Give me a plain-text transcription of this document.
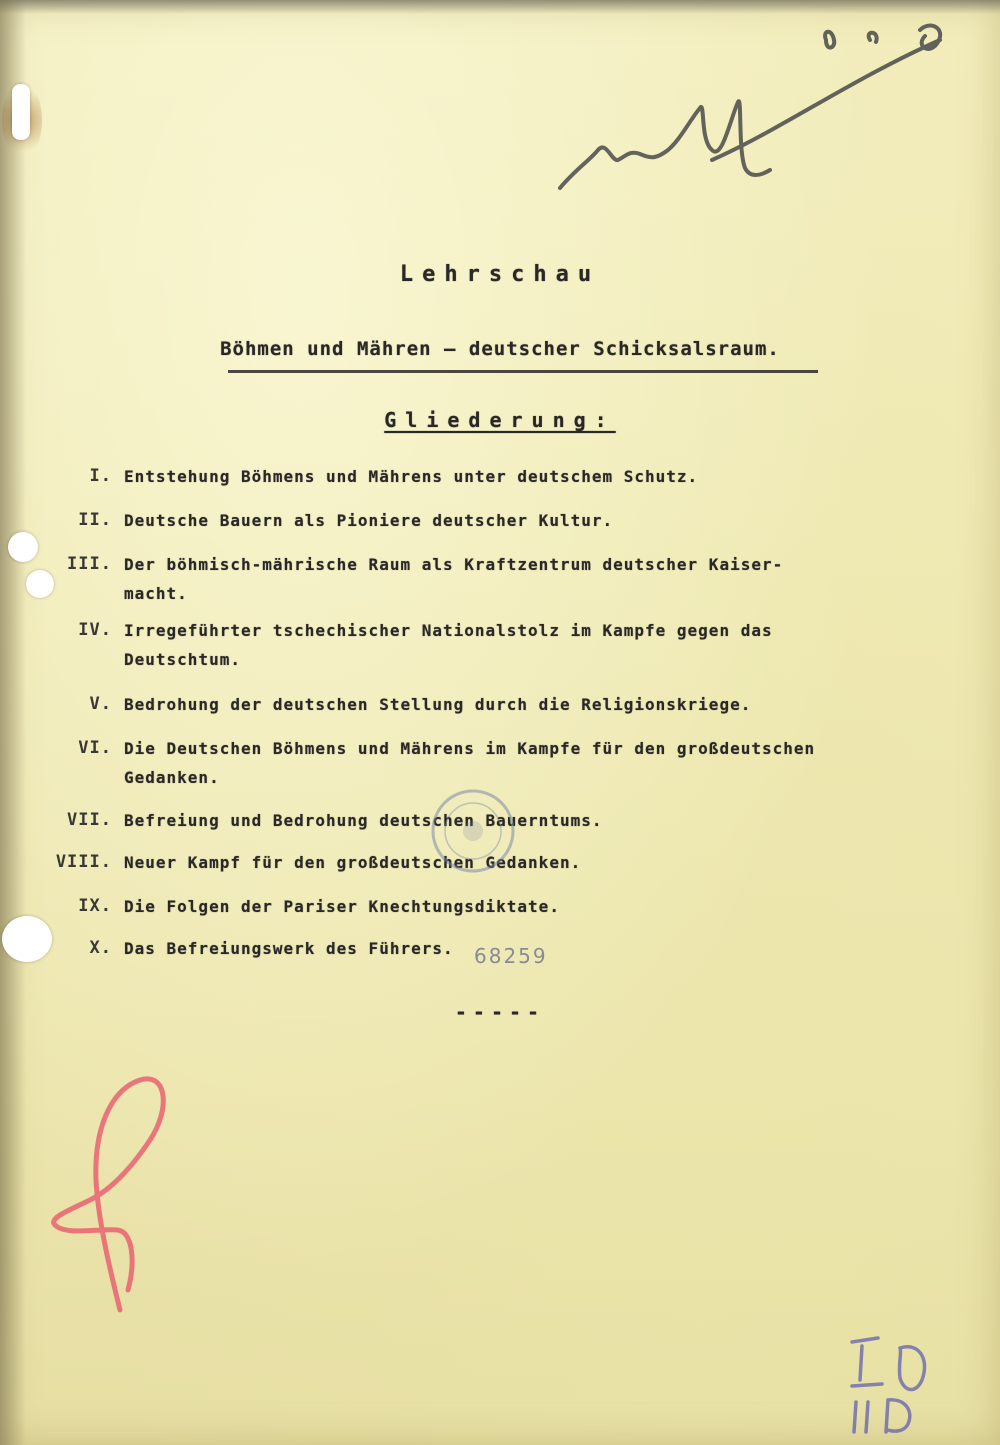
Lehrschau
Böhmen und Mähren — deutscher Schicksalsraum.
Gliederung:
I. Entstehung Böhmens und Mährens unter deutschem Schutz.
II. Deutsche Bauern als Pioniere deutscher Kultur.
III. Der böhmisch-mährische Raum als Kraftzentrum deutscher Kaiser-
macht.
IV. Irregeführter tschechischer Nationalstolz im Kampfe gegen das
Deutschtum.
V. Bedrohung der deutschen Stellung durch die Religionskriege.
VI. Die Deutschen Böhmens und Mährens im Kampfe für den großdeutschen
Gedanken.
VII. Befreiung und Bedrohung deutschen Bauerntums.
VIII. Neuer Kampf für den großdeutschen Gedanken.
IX. Die Folgen der Pariser Knechtungsdiktate.
X. Das Befreiungswerk des Führers.	68259
-----
